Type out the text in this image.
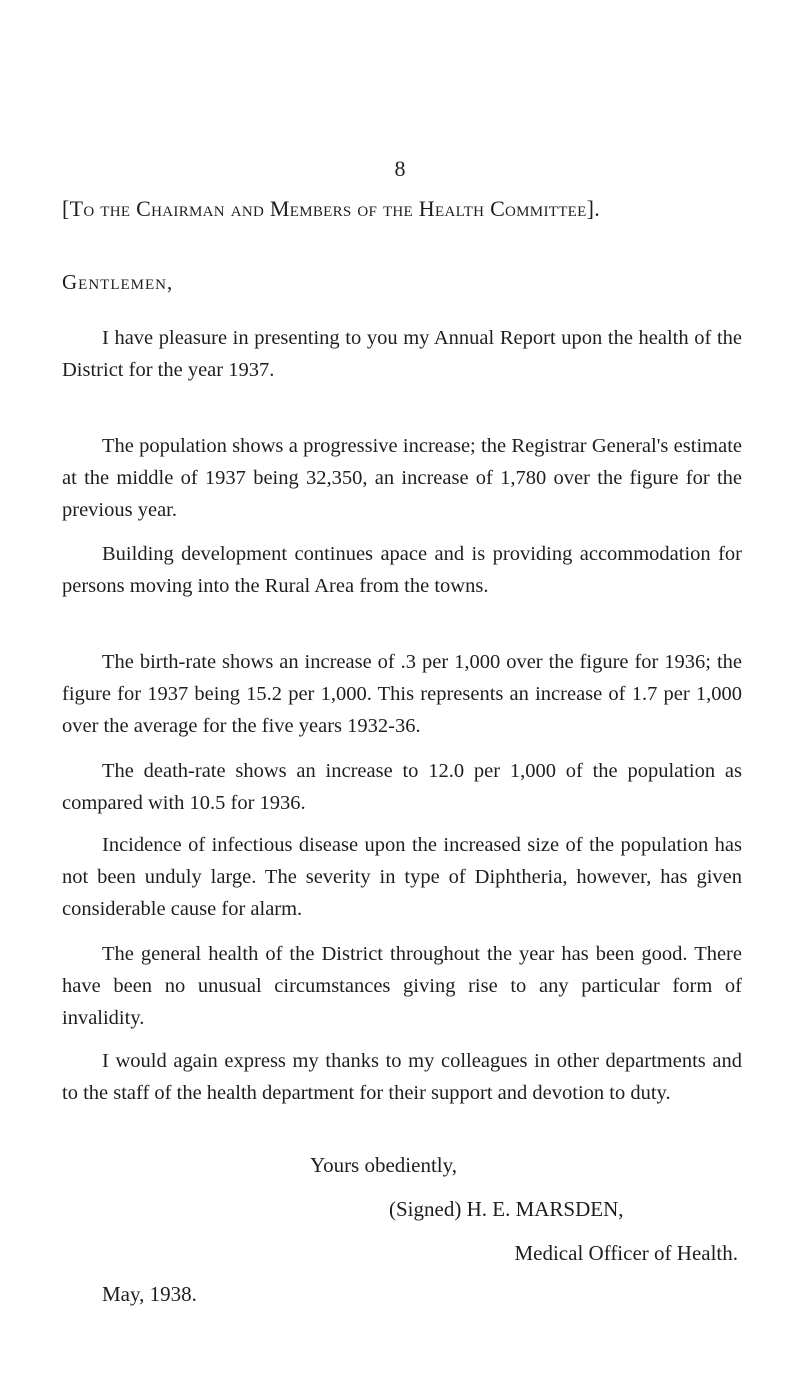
8
[To the Chairman and Members of the Health Committee].
Gentlemen,

I have pleasure in presenting to you my Annual Report upon the health of the District for the year 1937.

The population shows a progressive increase; the Registrar General's estimate at the middle of 1937 being 32,350, an increase of 1,780 over the figure for the previous year.

Building development continues apace and is providing accommodation for persons moving into the Rural Area from the towns.

The birth-rate shows an increase of .3 per 1,000 over the figure for 1936; the figure for 1937 being 15.2 per 1,000. This represents an increase of 1.7 per 1,000 over the average for the five years 1932-36.

The death-rate shows an increase to 12.0 per 1,000 of the population as compared with 10.5 for 1936.

Incidence of infectious disease upon the increased size of the population has not been unduly large. The severity in type of Diphtheria, however, has given considerable cause for alarm.

The general health of the District throughout the year has been good. There have been no unusual circumstances giving rise to any particular form of invalidity.

I would again express my thanks to my colleagues in other departments and to the staff of the health department for their support and devotion to duty.

Yours obediently,
(Signed) H. E. MARSDEN,
Medical Officer of Health.
May, 1938.
